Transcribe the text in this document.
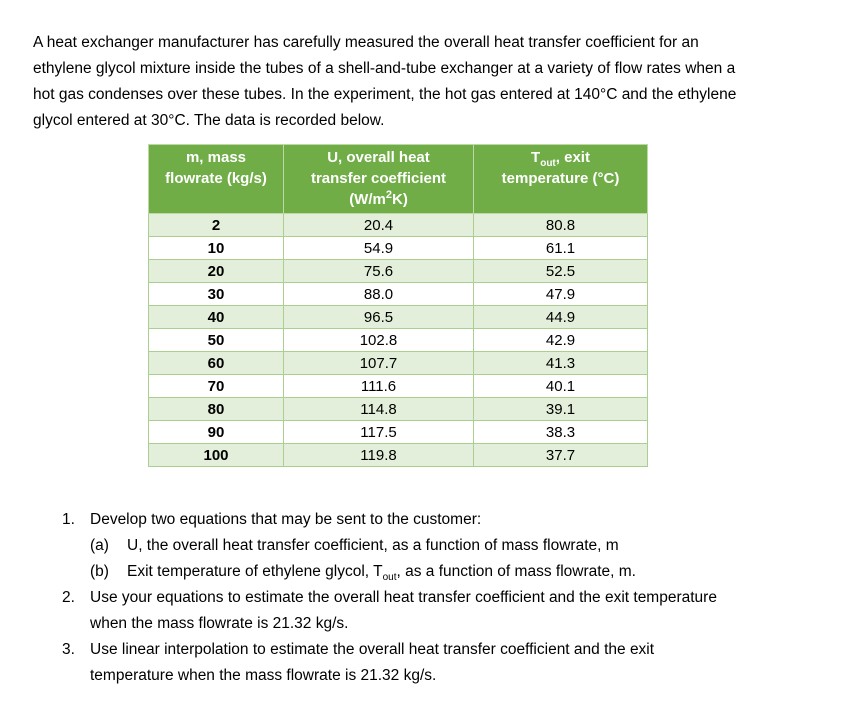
A heat exchanger manufacturer has carefully measured the overall heat transfer coefficient for an
ethylene glycol mixture inside the tubes of a shell-and-tube exchanger at a variety of flow rates when a
hot gas condenses over these tubes. In the experiment, the hot gas entered at 140°C and the ethylene
glycol entered at 30°C. The data is recorded below.
m, mass
flowrate (kg/s)

U, overall heat
transfer coefficient
$(W/m^2K)$

$T_{out}$, exit
temperature (°C)

2	20.4	80.8
10	54.9	61.1
20	75.6	52.5
30	88.0	47.9
40	96.5	44.9
50	102.8	42.9
60	107.7	41.3
70	111.6	40.1
80	114.8	39.1
90	117.5	38.3
100	119.8	37.7
1. Develop two equations that may be sent to the customer:
(a)	U, the overall heat transfer coefficient, as a function of mass flowrate, m
(b)	Exit temperature of ethylene glycol, $T_{out}$, as a function of mass flowrate, m.
2. Use your equations to estimate the overall heat transfer coefficient and the exit temperature
when the mass flowrate is 21.32 kg/s.
3. Use linear interpolation to estimate the overall heat transfer coefficient and the exit
temperature when the mass flowrate is 21.32 kg/s.
